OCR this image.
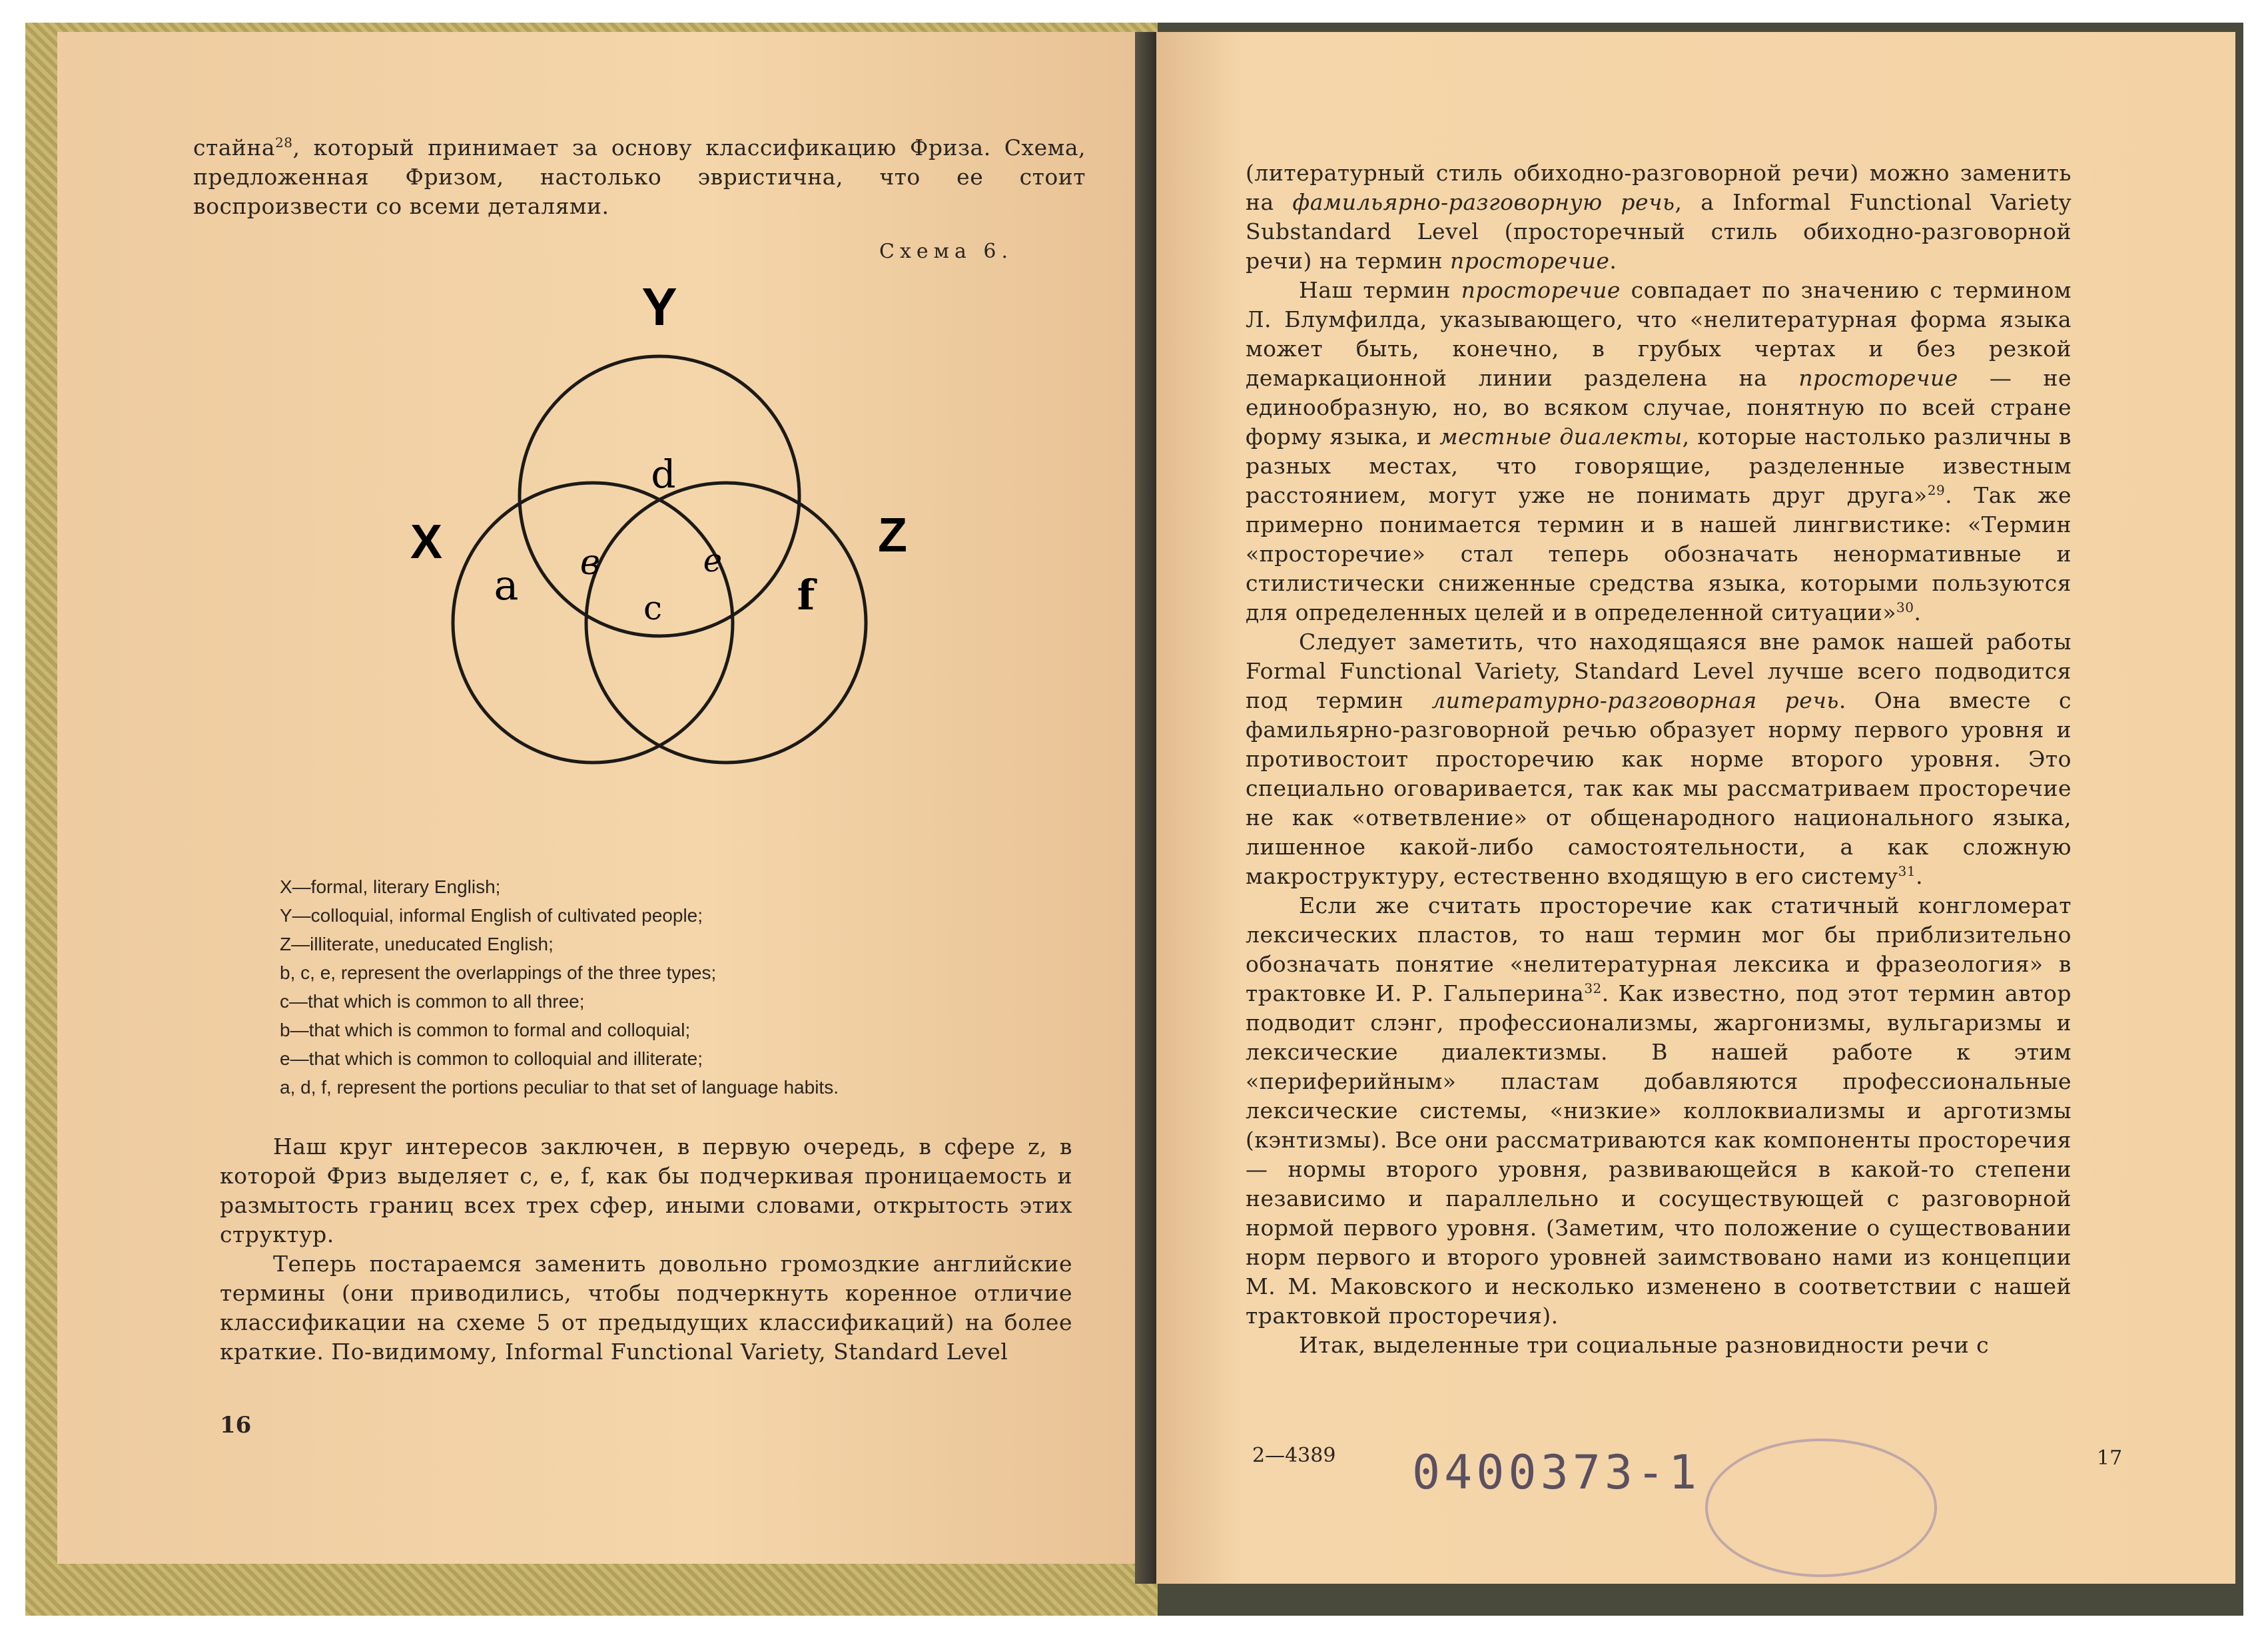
стайна$^{28}$, который принимает за основу классификацию Фриза. Схема, предложенная Фризом, настолько эвристична, что ее стоит воспроизвести со всеми деталями.

Схема 6.
Y
X	Z
d
a в	e
c	f
X—formal, literary English;
Y—colloquial, informal English of cultivated people;
Z—illiterate, uneducated English;
b, c, e, represent the overlappings of the three types;
c—that which is common to all three;
b—that which is common to formal and colloquial;
e—that which is common to colloquial and illiterate;
a, d, f, represent the portions peculiar to that set of language habits.

Наш круг интересов заключен, в первую очередь, в сфере z, в которой Фриз выделяет c, e, f, как бы подчеркивая проницаемость и размытость границ всех трех сфер, иными словами, открытость этих структур.

Теперь постараемся заменить довольно громоздкие английские термины (они приводились, чтобы подчеркнуть коренное отличие классификации на схеме 5 от предыдущих классификаций) на более краткие. По-видимому, Informal Functional Variety, Standard Level

16

(литературный стиль обиходно-разговорной речи) можно заменить на фамильярно-разговорную речь, а Informal Functional Variety Substandard Level (просторечный стиль обиходно-разговорной речи) на термин просторечие.

Наш термин просторечие совпадает по значению с термином Л. Блумфилда, указывающего, что «нелитературная форма языка может быть, конечно, в грубых чертах и без резкой демаркационной линии разделена на просторечие — не единообразную, но, во всяком случае, понятную по всей стране форму языка, и местные диалекты, которые настолько различны в разных местах, что говорящие, разделенные известным расстоянием, могут уже не понимать друг друга»$^{29}$. Так же примерно понимается термин и в нашей лингвистике: «Термин «просторечие» стал теперь обозначать ненормативные и стилистически сниженные средства языка, которыми пользуются для определенных целей и в определенной ситуации»$^{30}$.

Следует заметить, что находящаяся вне рамок нашей работы Formal Functional Variety, Standard Level лучше всего подводится под термин литературно-разговорная речь. Она вместе с фамильярно-разговорной речью образует норму первого уровня и противостоит просторечию как норме второго уровня. Это специально оговаривается, так как мы рассматриваем просторечие не как «ответвление» от общенародного национального языка, лишенное какой-либо самостоятельности, а как сложную макроструктуру, естественно входящую в его систему$^{31}$.

Если же считать просторечие как статичный конгломерат лексических пластов, то наш термин мог бы приблизительно обозначать понятие «нелитературная лексика и фразеология» в трактовке И. Р. Гальперина$^{32}$. Как известно, под этот термин автор подводит слэнг, профессионализмы, жаргонизмы, вульгаризмы и лексические диалектизмы. В нашей работе к этим «периферийным» пластам добавляются профессиональные лексические системы, «низкие» коллоквиализмы и арготизмы (кэнтизмы). Все они рассматриваются как компоненты просторечия — нормы второго уровня, развивающейся в какой-то степени независимо и параллельно и сосуществующей с разговорной нормой первого уровня. (Заметим, что положение о существовании норм первого и второго уровней заимствовано нами из концепции М. М. Маковского и несколько изменено в соответствии с нашей трактовкой просторечия).

Итак, выделенные три социальные разновидности речи с

2—4389 0400373-1	17
